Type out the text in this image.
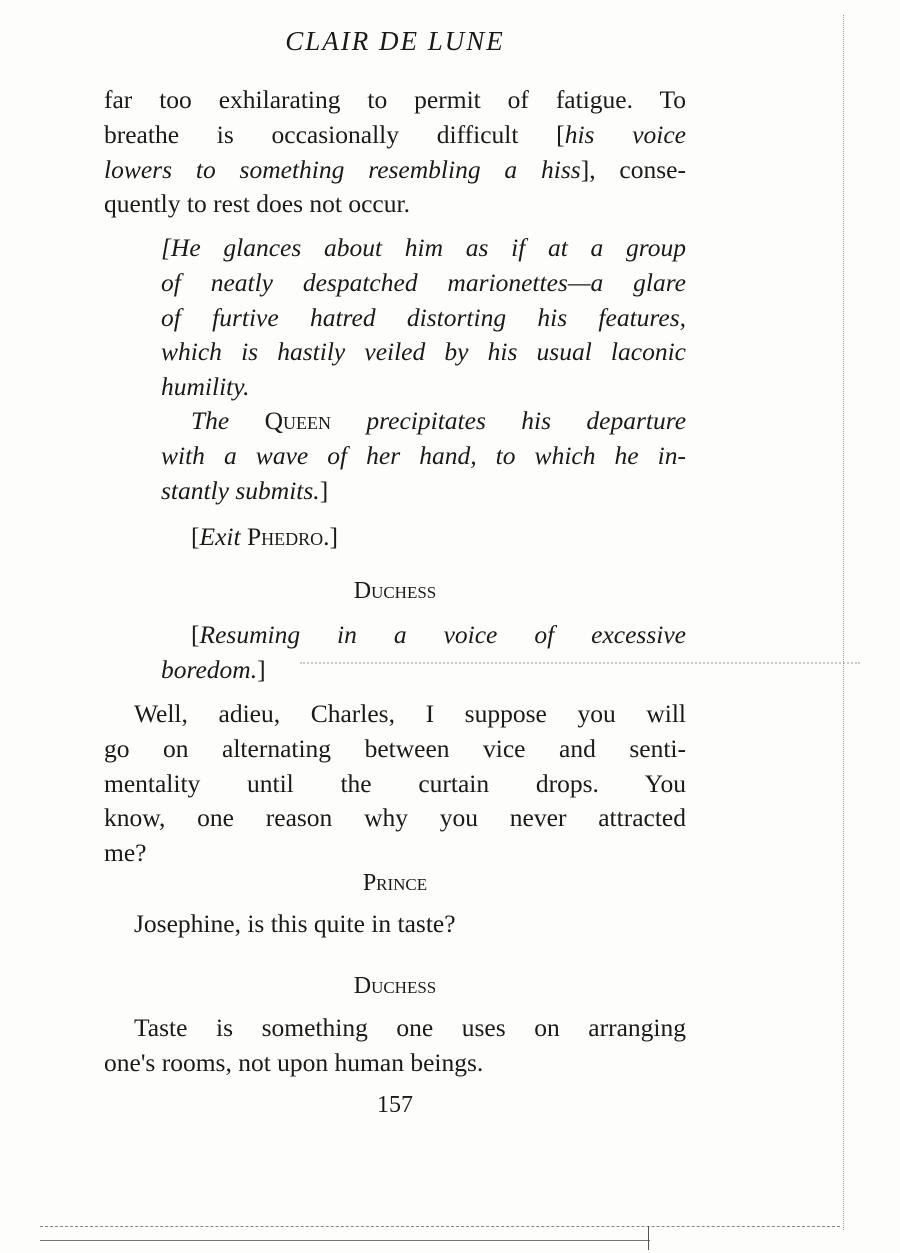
CLAIR DE LUNE
far too exhilarating to permit of fatigue. To
breathe is occasionally difficult [his voice
lowers to something resembling a hiss], conse-
quently to rest does not occur.
[He glances about him as if at a group
of neatly despatched marionettes—a glare
of furtive hatred distorting his features,
which is hastily veiled by his usual laconic
humility.
The Queen precipitates his departure
with a wave of her hand, to which he in-
stantly submits.]
[Exit Phedro.]
Duchess
[Resuming in a voice of excessive
boredom.]
Well, adieu, Charles, I suppose you will
go on alternating between vice and senti-
mentality until the curtain drops. You
know, one reason why you never attracted
me?
Prince
Josephine, is this quite in taste?
Duchess
Taste is something one uses on arranging
one's rooms, not upon human beings.
157
